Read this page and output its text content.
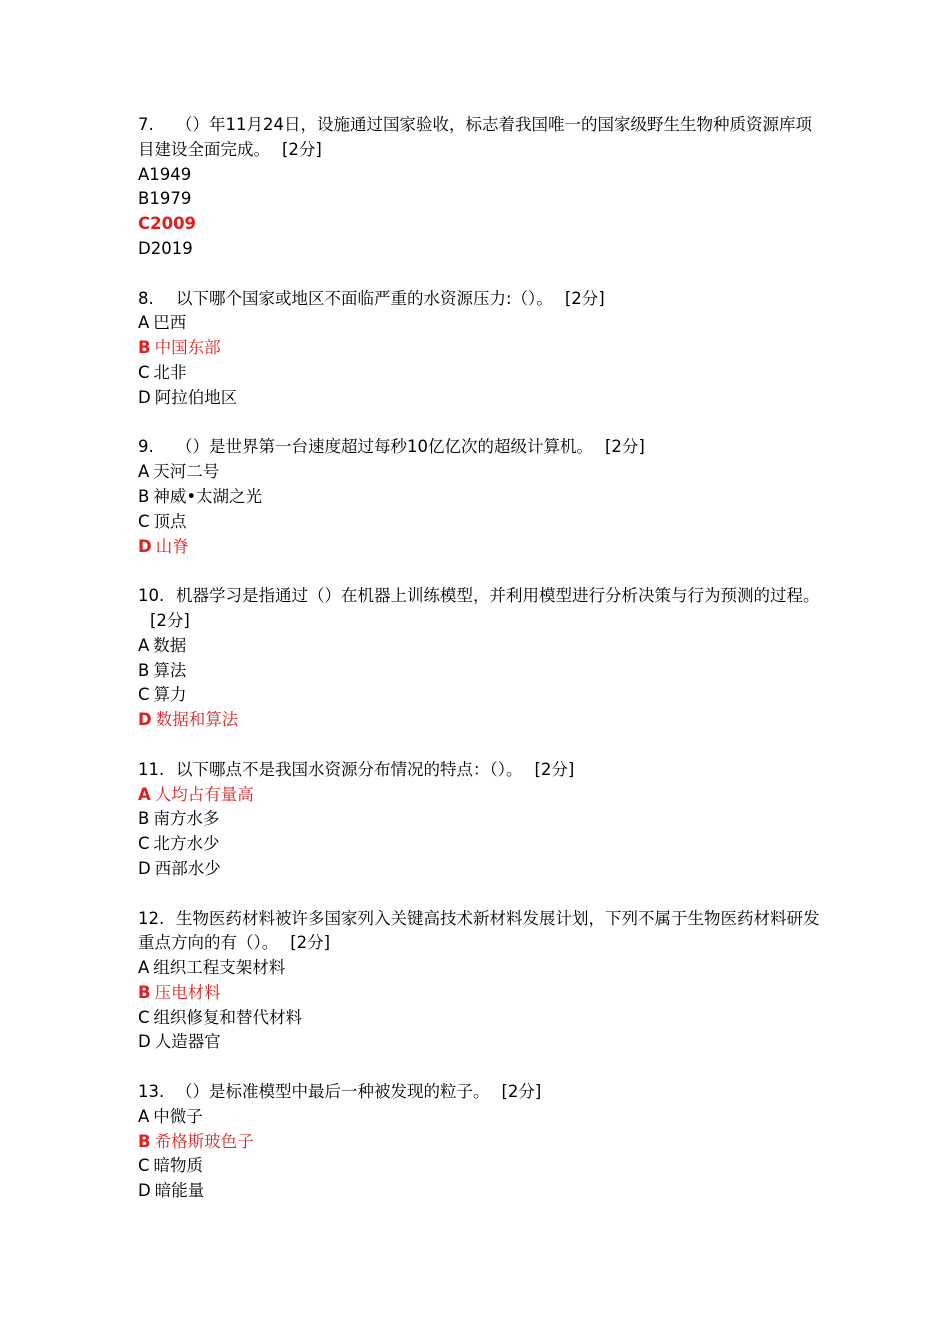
7. （）年11月24日，设施通过国家验收，标志着我国唯一的国家级野生生物种质资源库项目建设全面完成。 [2分]

A1949

B1979

C2009

D2019

8. 以下哪个国家或地区不面临严重的水资源压力:（）。 [2分]

A 巴西

B 中国东部

C 北非

D 阿拉伯地区

9. （）是世界第一台速度超过每秒10亿亿次的超级计算机。 [2分]

A 天河二号

B 神威•太湖之光

C 顶点

D 山脊

10. 机器学习是指通过（）在机器上训练模型，并利用模型进行分析决策与行为预测的过程。[2分]

A 数据

B 算法

C 算力

D 数据和算法

11. 以下哪点不是我国水资源分布情况的特点：（）。 [2分]

A 人均占有量高

B 南方水多

C 北方水少

D 西部水少

12. 生物医药材料被许多国家列入关键高技术新材料发展计划，下列不属于生物医药材料研发重点方向的有（）。 [2分]

A 组织工程支架材料

B 压电材料

C 组织修复和替代材料

D 人造器官

13. （）是标准模型中最后一种被发现的粒子。 [2分]

A 中微子

B 希格斯玻色子

C 暗物质

D 暗能量
